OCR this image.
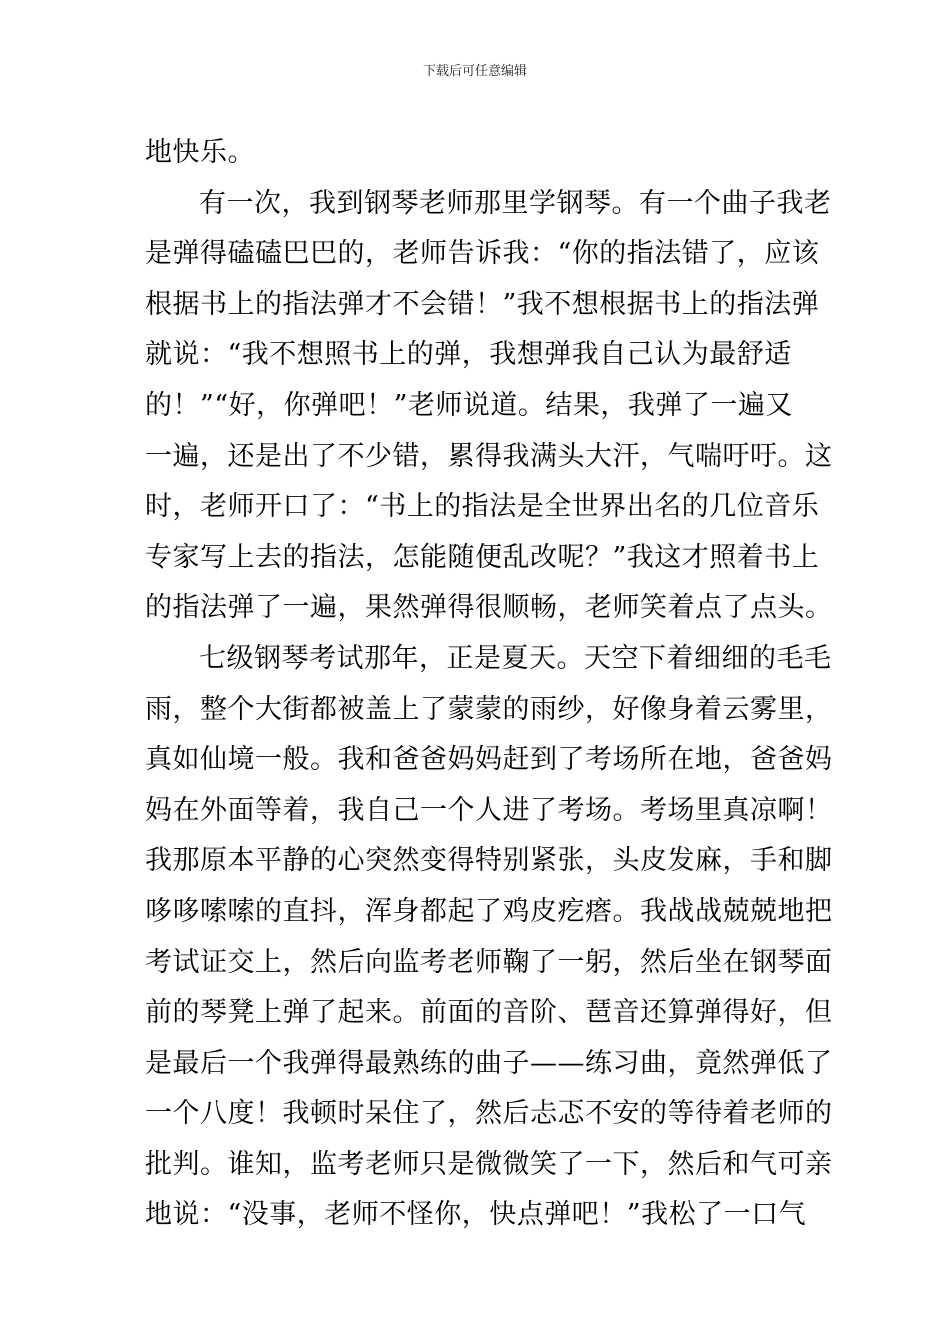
下载后可任意编辑
地快乐。
有一次，我到钢琴老师那里学钢琴。有一个曲子我老
是弹得磕磕巴巴的，老师告诉我：“你的指法错了，应该
根据书上的指法弹才不会错！”我不想根据书上的指法弹
就说：“我不想照书上的弹，我想弹我自己认为最舒适
的！”“好，你弹吧！”老师说道。结果，我弹了一遍又
一遍，还是出了不少错，累得我满头大汗，气喘吁吁。这
时，老师开口了：“书上的指法是全世界出名的几位音乐
专家写上去的指法，怎能随便乱改呢？”我这才照着书上
的指法弹了一遍，果然弹得很顺畅，老师笑着点了点头。
七级钢琴考试那年，正是夏天。天空下着细细的毛毛
雨，整个大街都被盖上了蒙蒙的雨纱，好像身着云雾里，
真如仙境一般。我和爸爸妈妈赶到了考场所在地，爸爸妈
妈在外面等着，我自己一个人进了考场。考场里真凉啊！
我那原本平静的心突然变得特别紧张，头皮发麻，手和脚
哆哆嗦嗦的直抖，浑身都起了鸡皮疙瘩。我战战兢兢地把
考试证交上，然后向监考老师鞠了一躬，然后坐在钢琴面
前的琴凳上弹了起来。前面的音阶、琶音还算弹得好，但
是最后一个我弹得最熟练的曲子——练习曲，竟然弹低了
一个八度！我顿时呆住了，然后忐忑不安的等待着老师的
批判。谁知，监考老师只是微微笑了一下，然后和气可亲
地说：“没事，老师不怪你，快点弹吧！”我松了一口气
